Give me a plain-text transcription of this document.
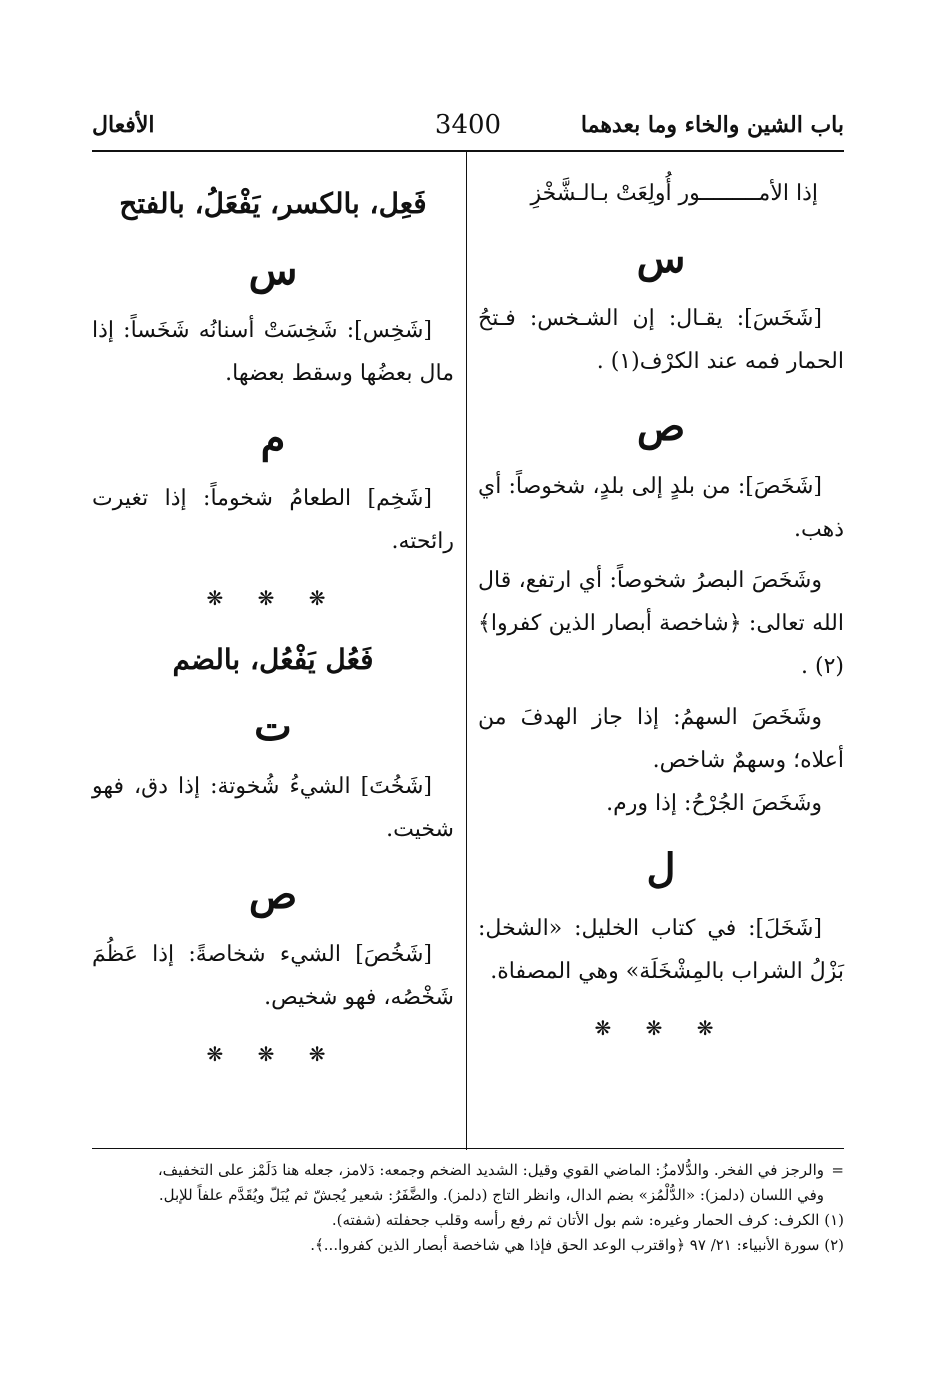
باب الشين والخاء وما بعدهما
3400
الأفعال

إذا الأمـــــــــور أُولِعَتْ بـالـشَّخْزِ

س

[شَخَسَ]: يقـال: إن الشـخس: فـتحُ الحمار فمه عند الكرْف(١) .

ص

[شَخَصَ]: من بلدٍ إلى بلدٍ، شخوصاً: أي ذهب.

وشَخَصَ البصرُ شخوصاً: أي ارتفع، قال الله تعالى: ﴿شاخصة أبصار الذين كفروا﴾(٢) .

وشَخَصَ السهمُ: إذا جاز الهدفَ من أعلاه؛ وسهمٌ شاخص.

وشَخَصَ الجُرْحُ: إذا ورم.

ل

[شَخَلَ]: في كتاب الخليل: «الشخل: بَزْلُ الشراب بالمِشْخَلَة» وهي المصفاة.

❋ ❋ ❋
فَعِل، بالكسر، يَفْعَلُ، بالفتح
س

[شَخِس]: شَخِسَتْ أسنانُه شَخَساً: إذا مال بعضُها وسقط بعضها.

م

[شَخِم] الطعامُ شخوماً: إذا تغيرت رائحته.

❋ ❋ ❋
فَعُل يَفْعُل، بالضم
ت

[شَخُتَ] الشيءُ شُخوتة: إذا دق، فهو شخيت.

ص

[شَخُصَ] الشيء شخاصةً: إذا عَظُمَ شَخْصُه، فهو شخيص.

❋ ❋ ❋

=والرجز في الفخر. والدُّلامزُ: الماضي القوي وقيل: الشديد الضخم وجمعه: دَلامز، جعله هنا دَلَمْز على التخفيف،

وفي اللسان (دلمز): «الدُّلْمُز» بضم الدال، وانظر التاج (دلمز). والضَّفَرُ: شعير يُجشّ ثم يُبَلّ ويُقَدَّم علفاً للإبل.

(١) الكرف: كرف الحمار وغيره: شم بول الأتان ثم رفع رأسه وقلب جحفلته (شفته).

(٢) سورة الأنبياء: ٢١/ ٩٧ ﴿واقترب الوعد الحق فإذا هي شاخصة أبصار الذين كفروا...﴾.
